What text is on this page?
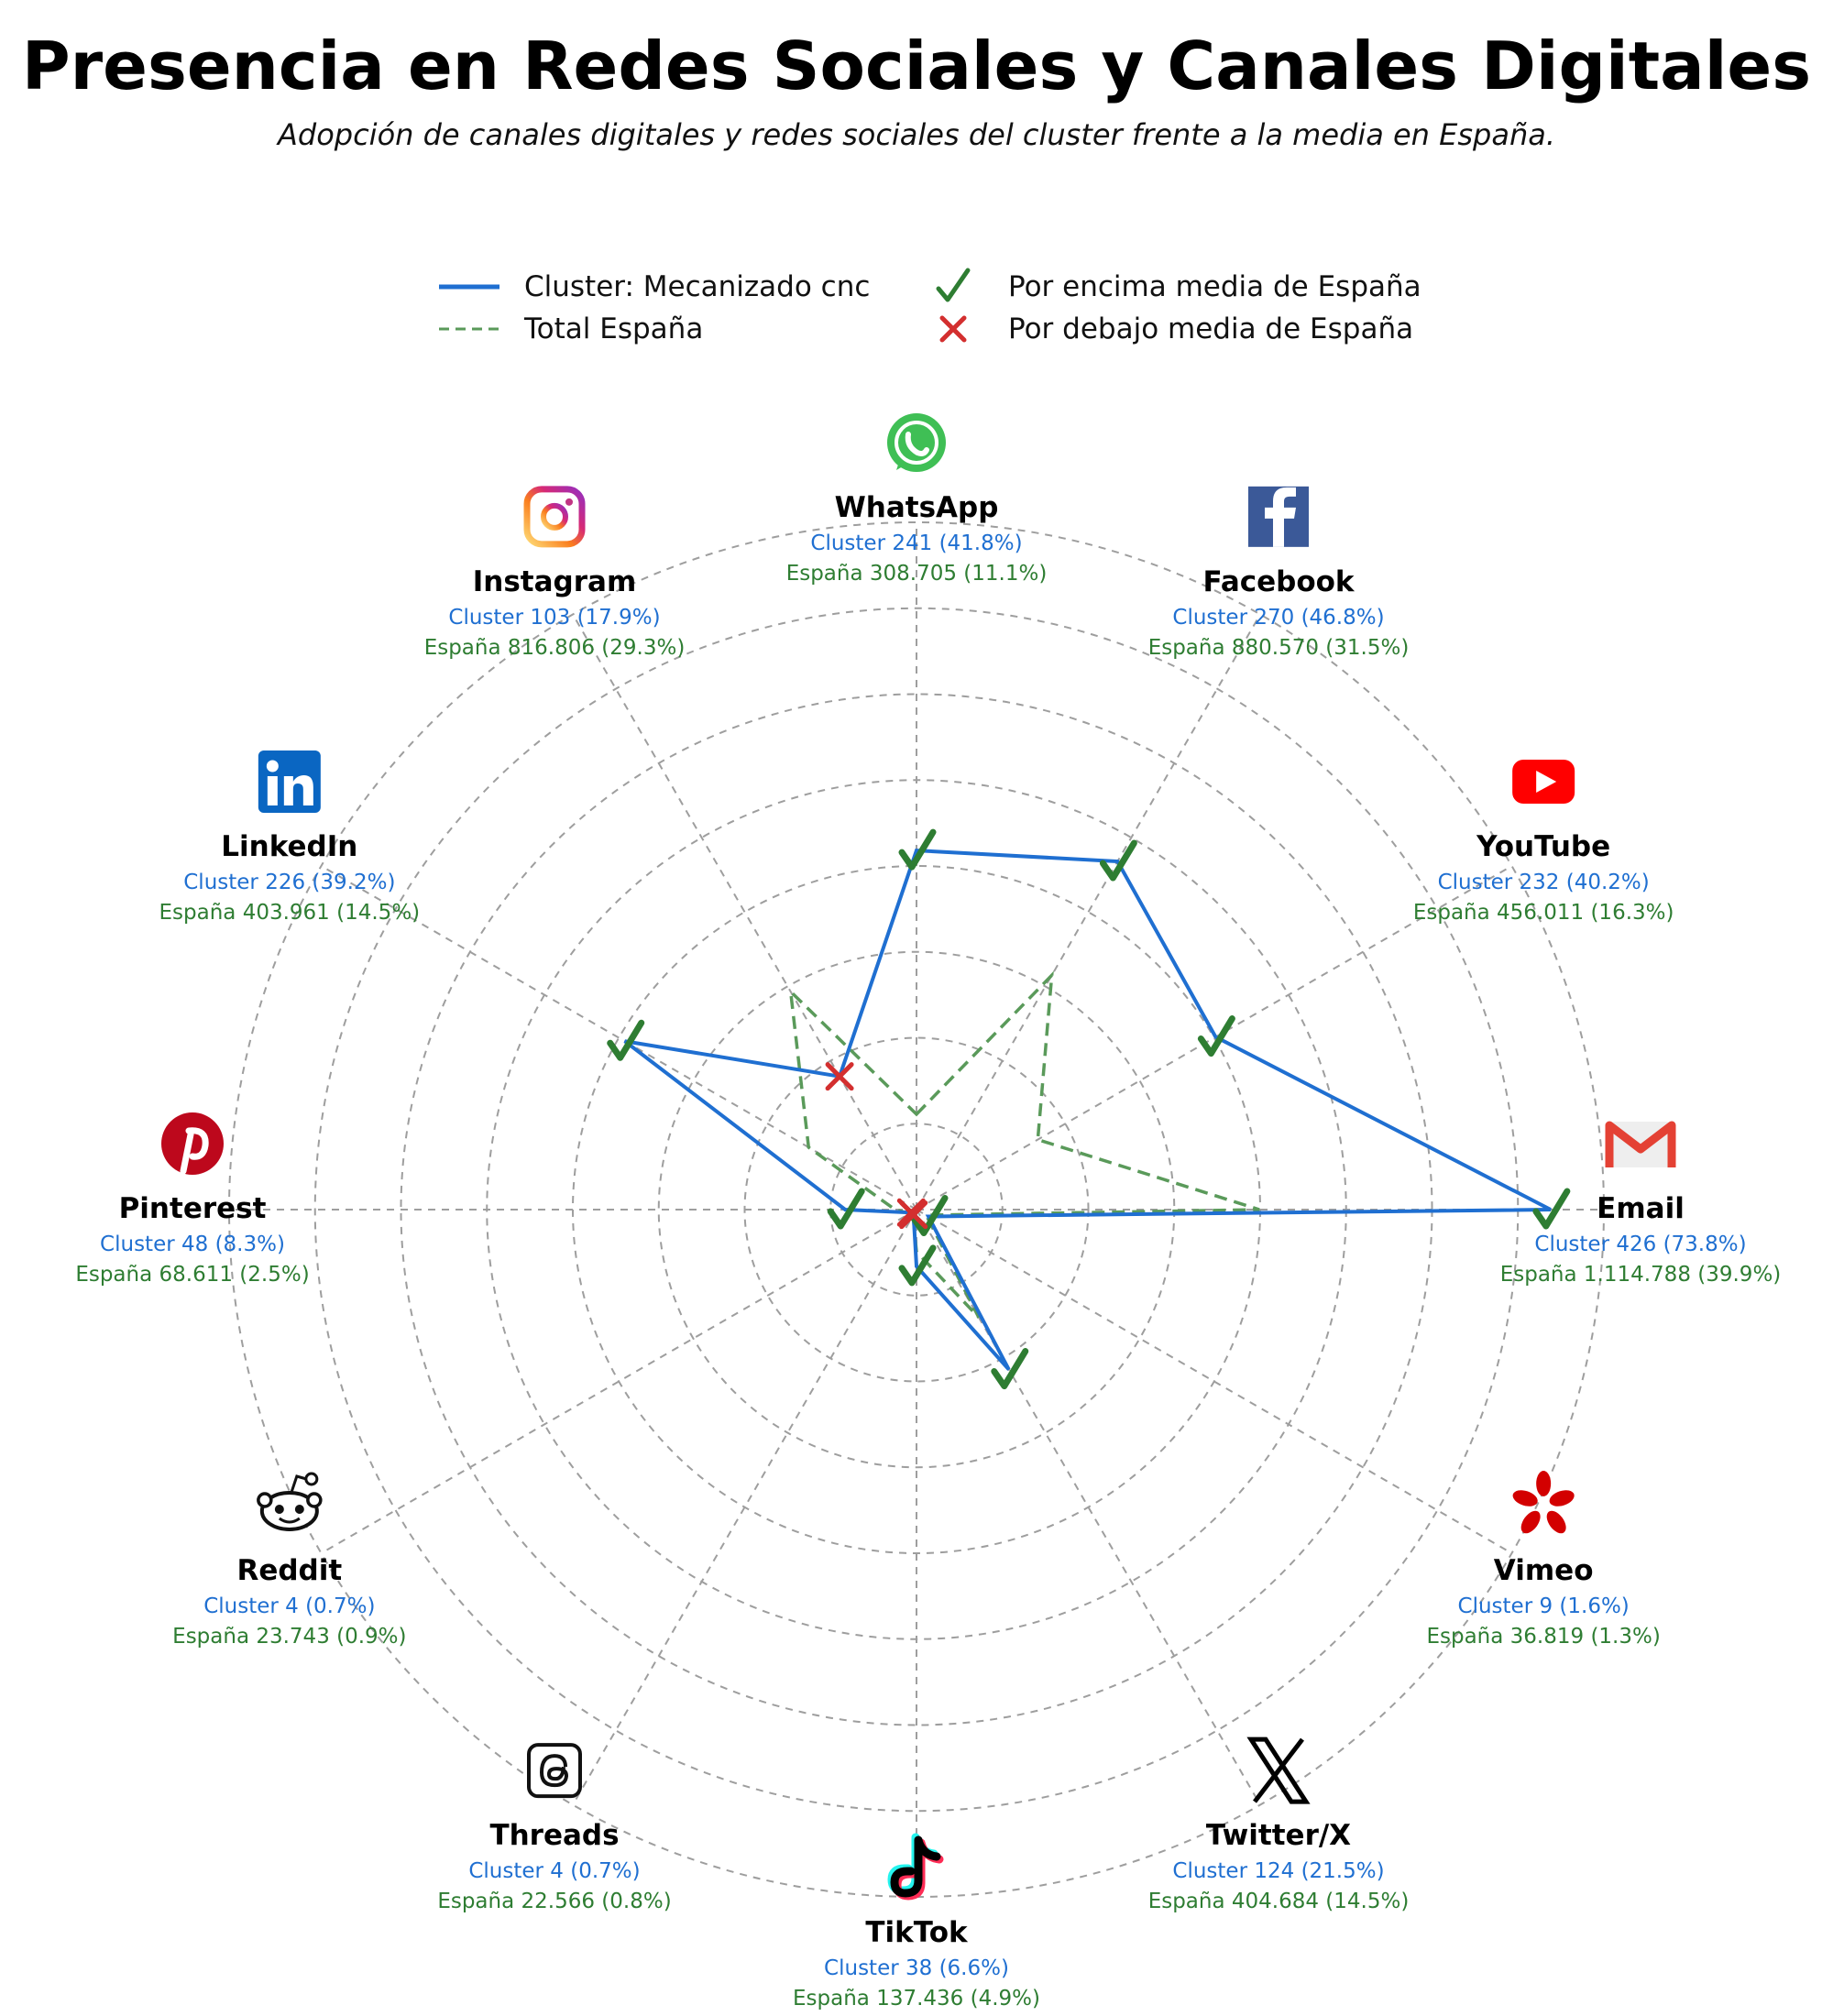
Presencia en Redes Sociales y Canales Digitales
Adopción de canales digitales y redes sociales del cluster frente a la media en España.
Cluster: Mecanizado cnc
Total España
Por encima media de España
Por debajo media de España
WhatsApp
Cluster 241 (41.8%)
España 308.705 (11.1%)	Facebook
Cluster 270 (46.8%)
España 880.570 (31.5%)
YouTube
Cluster 232 (40.2%)
España 456.011 (16.3%)
Email
Cluster 426 (73.8%)
España 1.114.788 (39.9%)
Vimeo
Cluster 9 (1.6%)
España 36.819 (1.3%)
Twitter/X
Cluster 124 (21.5%)
España 404.684 (14.5%)
TikTok
Cluster 38 (6.6%)
España 137.436 (4.9%)
Threads
Cluster 4 (0.7%)
España 22.566 (0.8%)
Reddit
Cluster 4 (0.7%)
España 23.743 (0.9%)
Pinterest
Cluster 48 (8.3%)
España 68.611 (2.5%)
LinkedIn
Cluster 226 (39.2%)
España 403.961 (14.5%)
Instagram
Cluster 103 (17.9%)
España 816.806 (29.3%)
